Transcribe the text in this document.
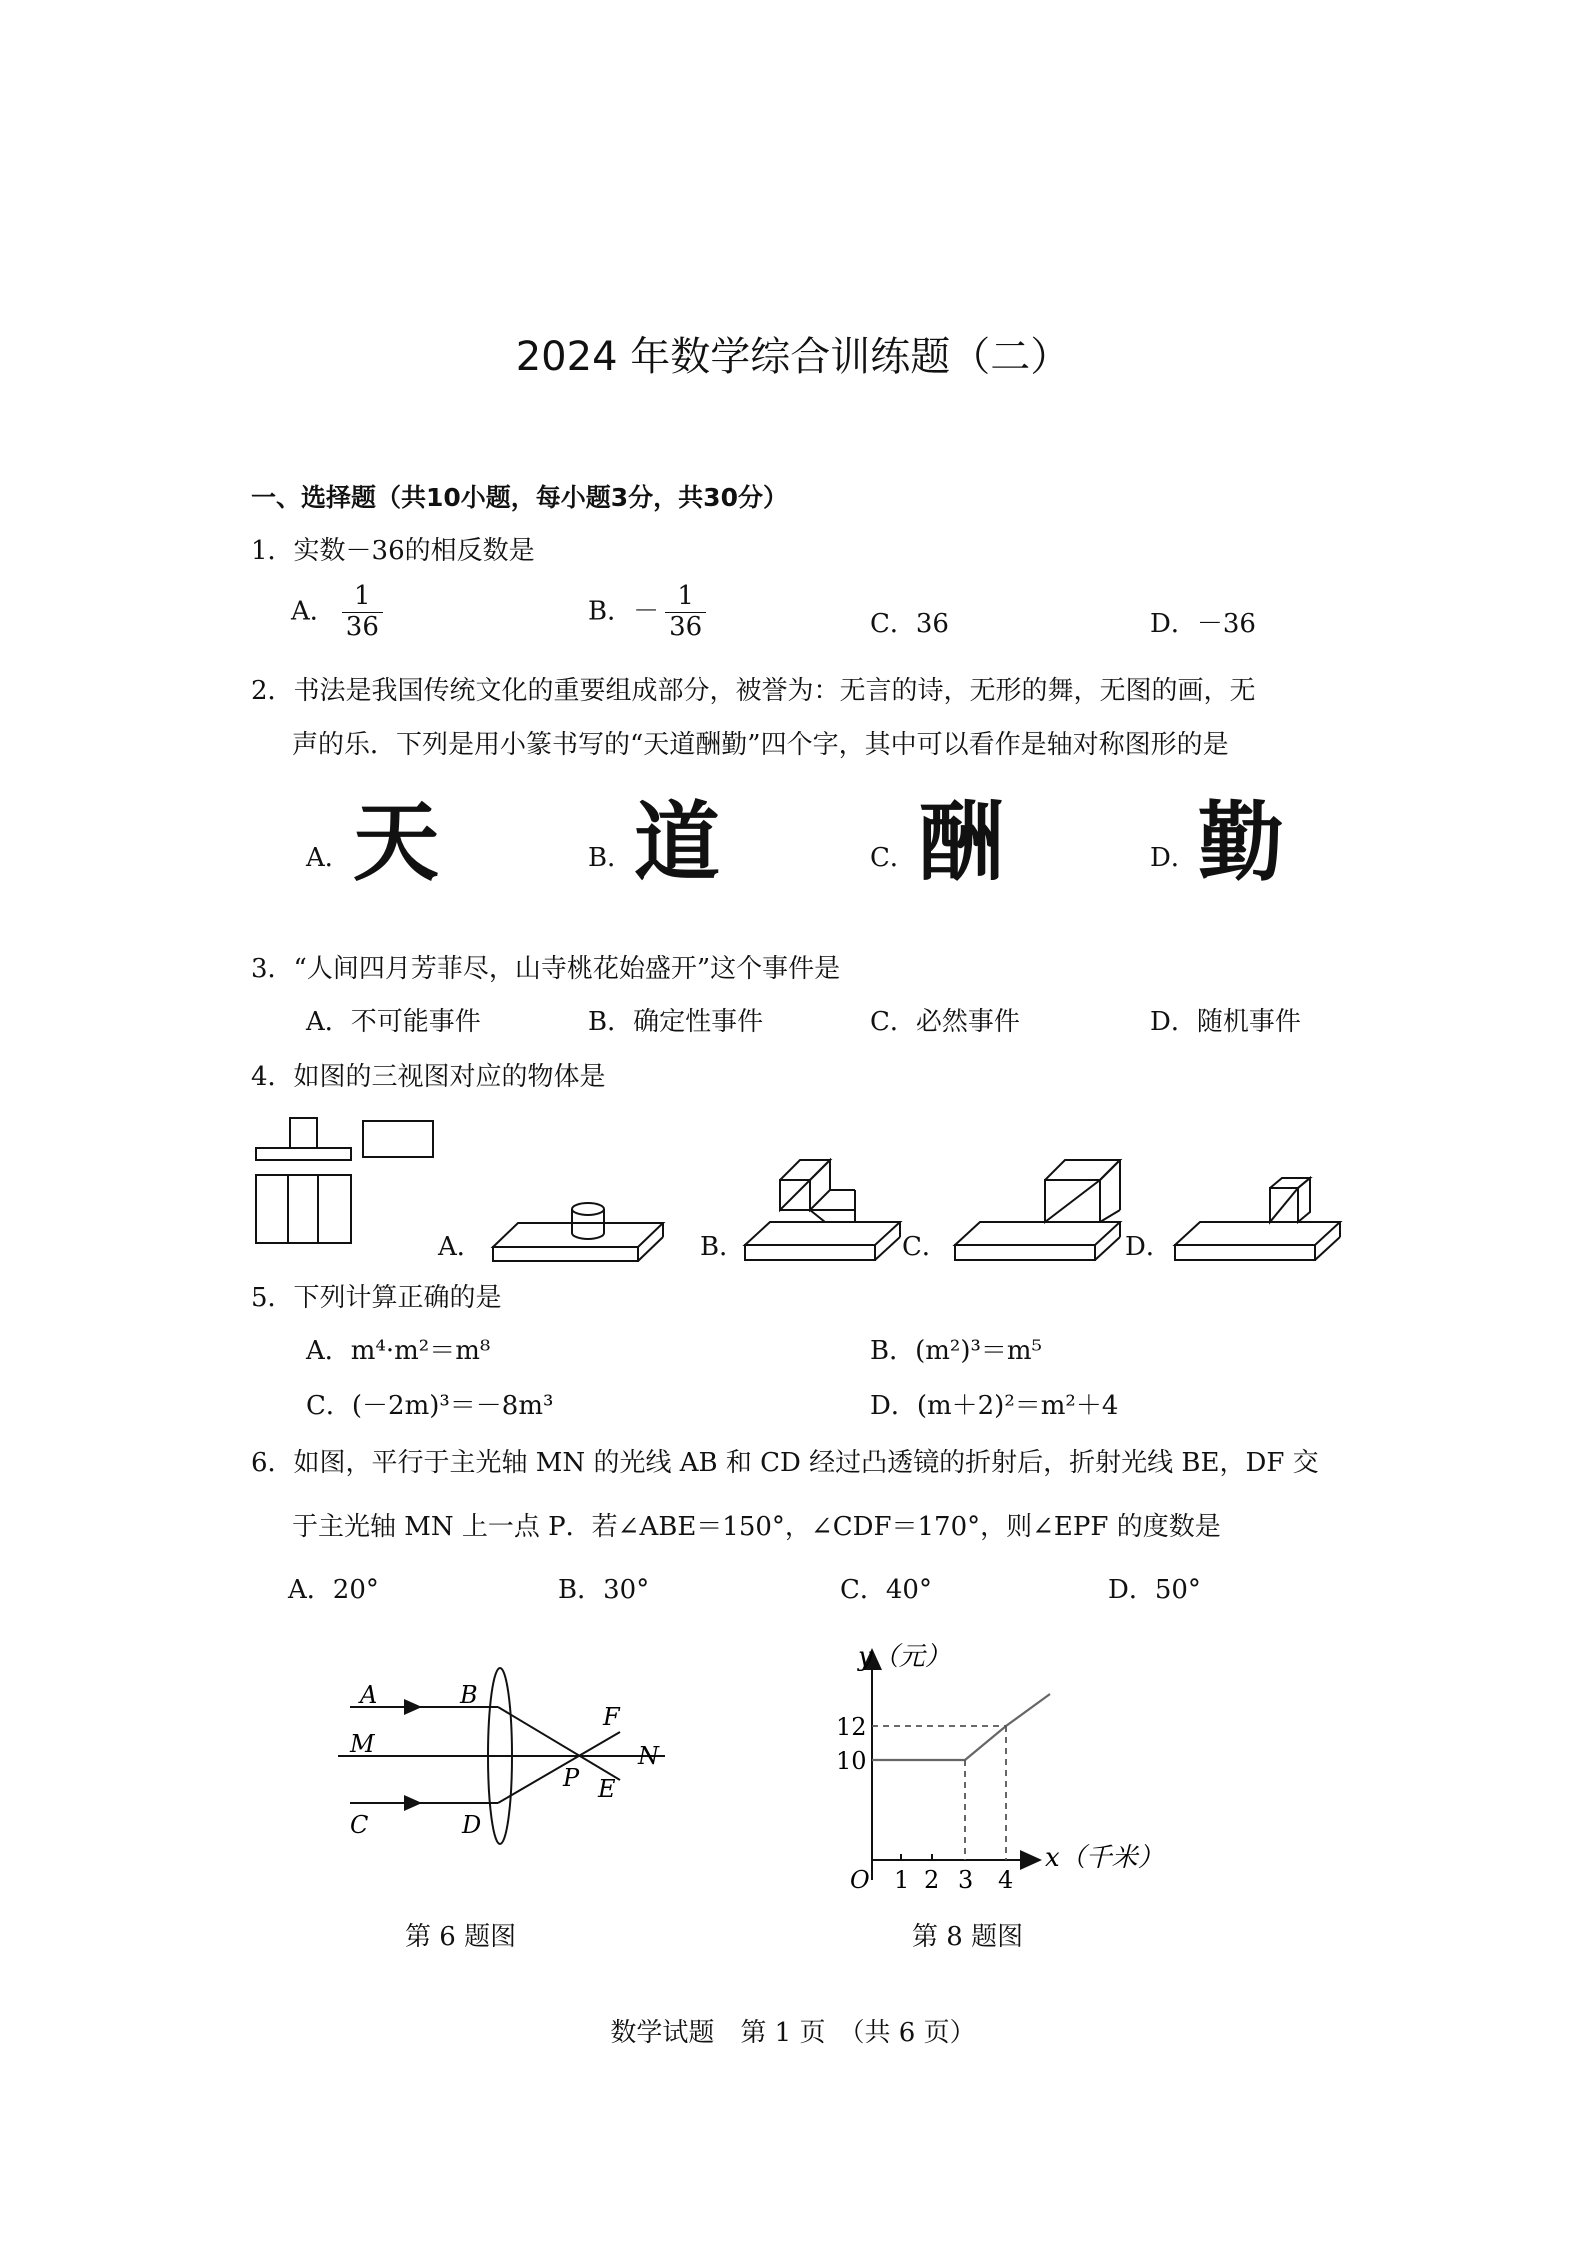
2024 年数学综合训练题（二）
一、选择题（共10小题，每小题3分，共30分）
1．实数－36的相反数是
A． $\frac{1}{36}$	B．－ $\frac{1}{36}$	C．36	D．－36
2．书法是我国传统文化的重要组成部分，被誉为：无言的诗，无形的舞，无图的画，无
声的乐．下列是用小篆书写的“天道酬勤”四个字，其中可以看作是轴对称图形的是
A． 天	B． 道	C． 酬	D． 勤
3．“人间四月芳菲尽，山寺桃花始盛开”这个事件是
A．不可能事件	B．确定性事件	C．必然事件	D．随机事件
4．如图的三视图对应的物体是
A．	B．	C．	D．
5．下列计算正确的是
A．m⁴·m²＝m⁸	B．(m²)³＝m⁵
C．(－2m)³＝－8m³	D．(m＋2)²＝m²＋4
6．如图，平行于主光轴 MN 的光线 AB 和 CD 经过凸透镜的折射后，折射光线 BE，DF 交
于主光轴 MN 上一点 P．若∠ABE＝150°，∠CDF＝170°，则∠EPF 的度数是
A．20°	B．30°	C．40°	D．50°
A	B
M
C	D
F
N
P E
第 6 题图
y（元）
12
10
O 1 2 3 4
x（千米）
第 8 题图
数学试题　第 1 页　（共 6 页）
